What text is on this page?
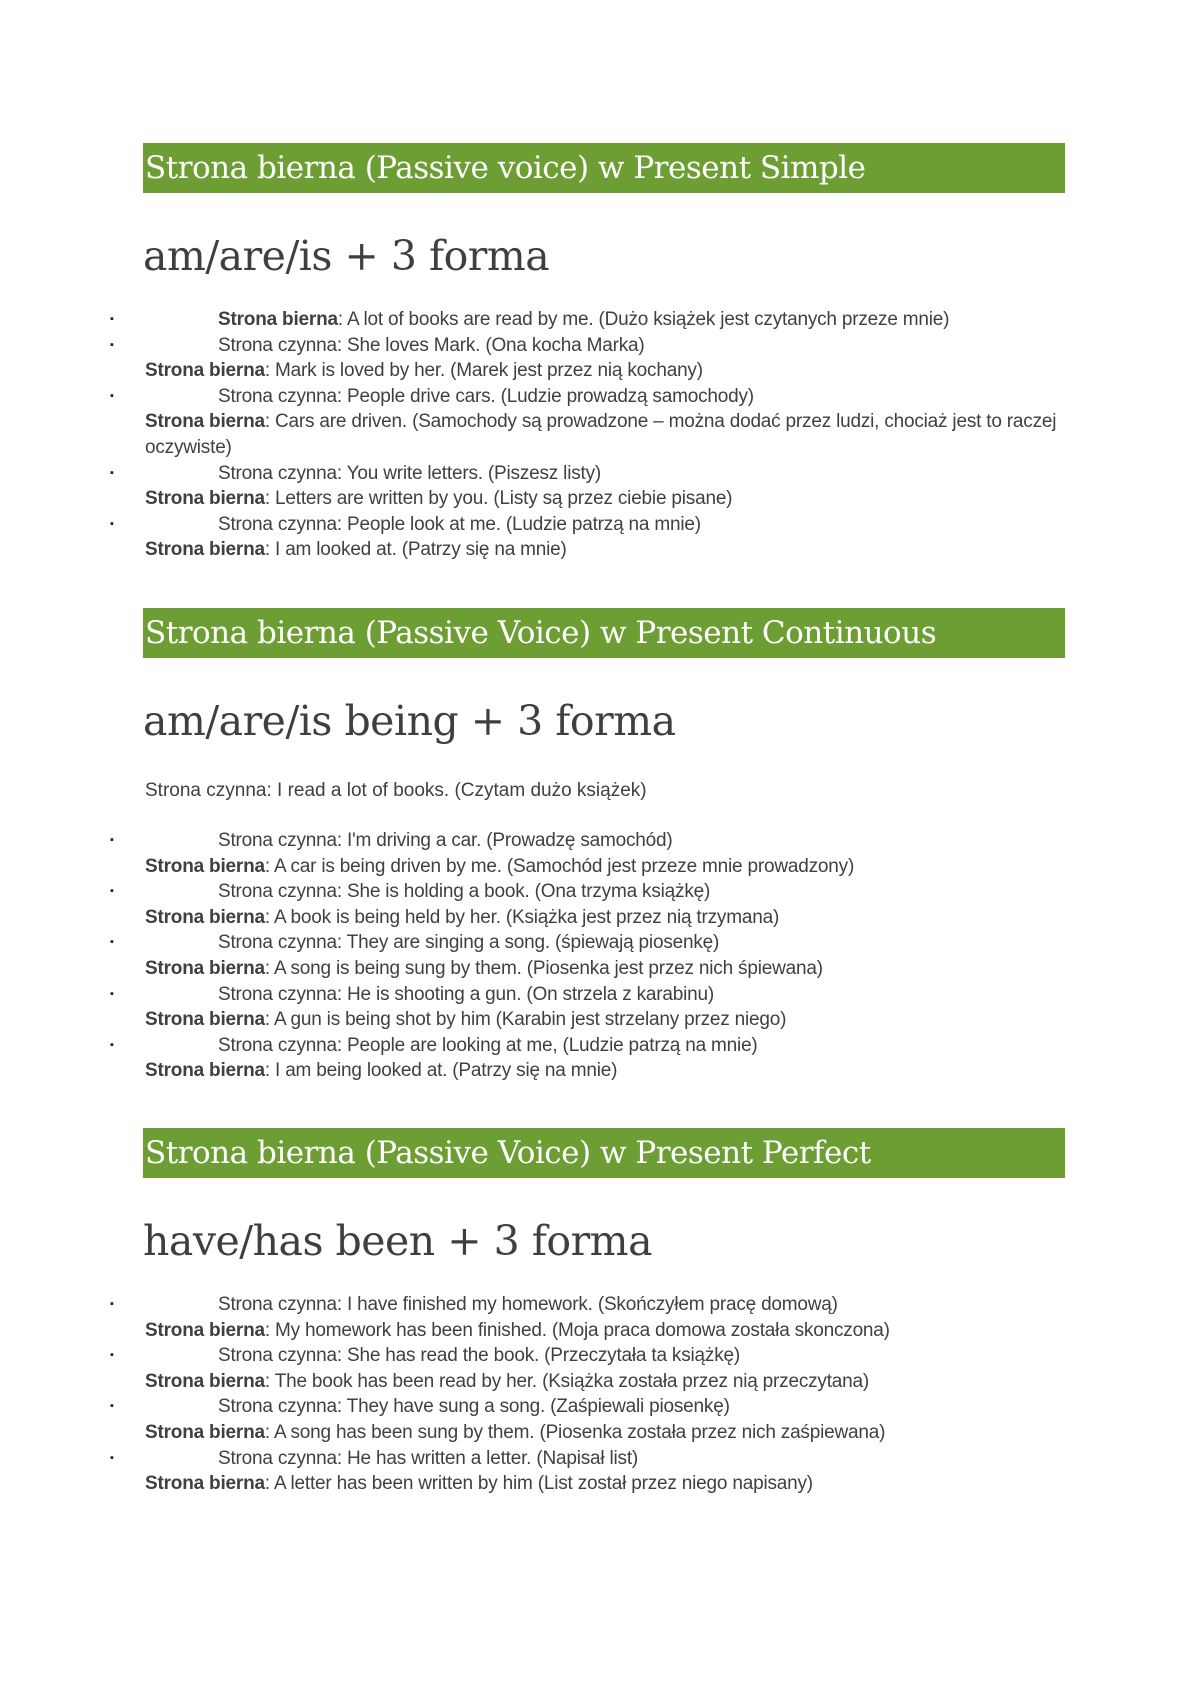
Strona bierna (Passive voice) w Present Simple
am/are/is + 3 forma
▪	Strona bierna: A lot of books are read by me. (Dużo książek jest czytanych przeze mnie)
▪	Strona czynna: She loves Mark. (Ona kocha Marka)
Strona bierna: Mark is loved by her. (Marek jest przez nią kochany)
▪	Strona czynna: People drive cars. (Ludzie prowadzą samochody)
Strona bierna: Cars are driven. (Samochody są prowadzone – można dodać przez ludzi, chociaż jest to raczej oczywiste)
▪	Strona czynna: You write letters. (Piszesz listy)
Strona bierna: Letters are written by you. (Listy są przez ciebie pisane)
▪	Strona czynna: People look at me. (Ludzie patrzą na mnie)
Strona bierna: I am looked at. (Patrzy się na mnie)
Strona bierna (Passive Voice) w Present Continuous
am/are/is being + 3 forma
Strona czynna: I read a lot of books. (Czytam dużo książek)
▪	Strona czynna: I'm driving a car. (Prowadzę samochód)
Strona bierna: A car is being driven by me. (Samochód jest przeze mnie prowadzony)
▪	Strona czynna: She is holding a book. (Ona trzyma książkę)
Strona bierna: A book is being held by her. (Książka jest przez nią trzymana)
▪	Strona czynna: They are singing a song. (śpiewają piosenkę)
Strona bierna: A song is being sung by them. (Piosenka jest przez nich śpiewana)
▪	Strona czynna: He is shooting a gun. (On strzela z karabinu)
Strona bierna: A gun is being shot by him (Karabin jest strzelany przez niego)
▪	Strona czynna: People are looking at me, (Ludzie patrzą na mnie)
Strona bierna: I am being looked at. (Patrzy się na mnie)
Strona bierna (Passive Voice) w Present Perfect
have/has been + 3 forma
▪	Strona czynna: I have finished my homework. (Skończyłem pracę domową)
Strona bierna: My homework has been finished. (Moja praca domowa została skonczona)
▪	Strona czynna: She has read the book. (Przeczytała ta książkę)
Strona bierna: The book has been read by her. (Książka została przez nią przeczytana)
▪	Strona czynna: They have sung a song. (Zaśpiewali piosenkę)
Strona bierna: A song has been sung by them. (Piosenka została przez nich zaśpiewana)
▪	Strona czynna: He has written a letter. (Napisał list)
Strona bierna: A letter has been written by him (List został przez niego napisany)
